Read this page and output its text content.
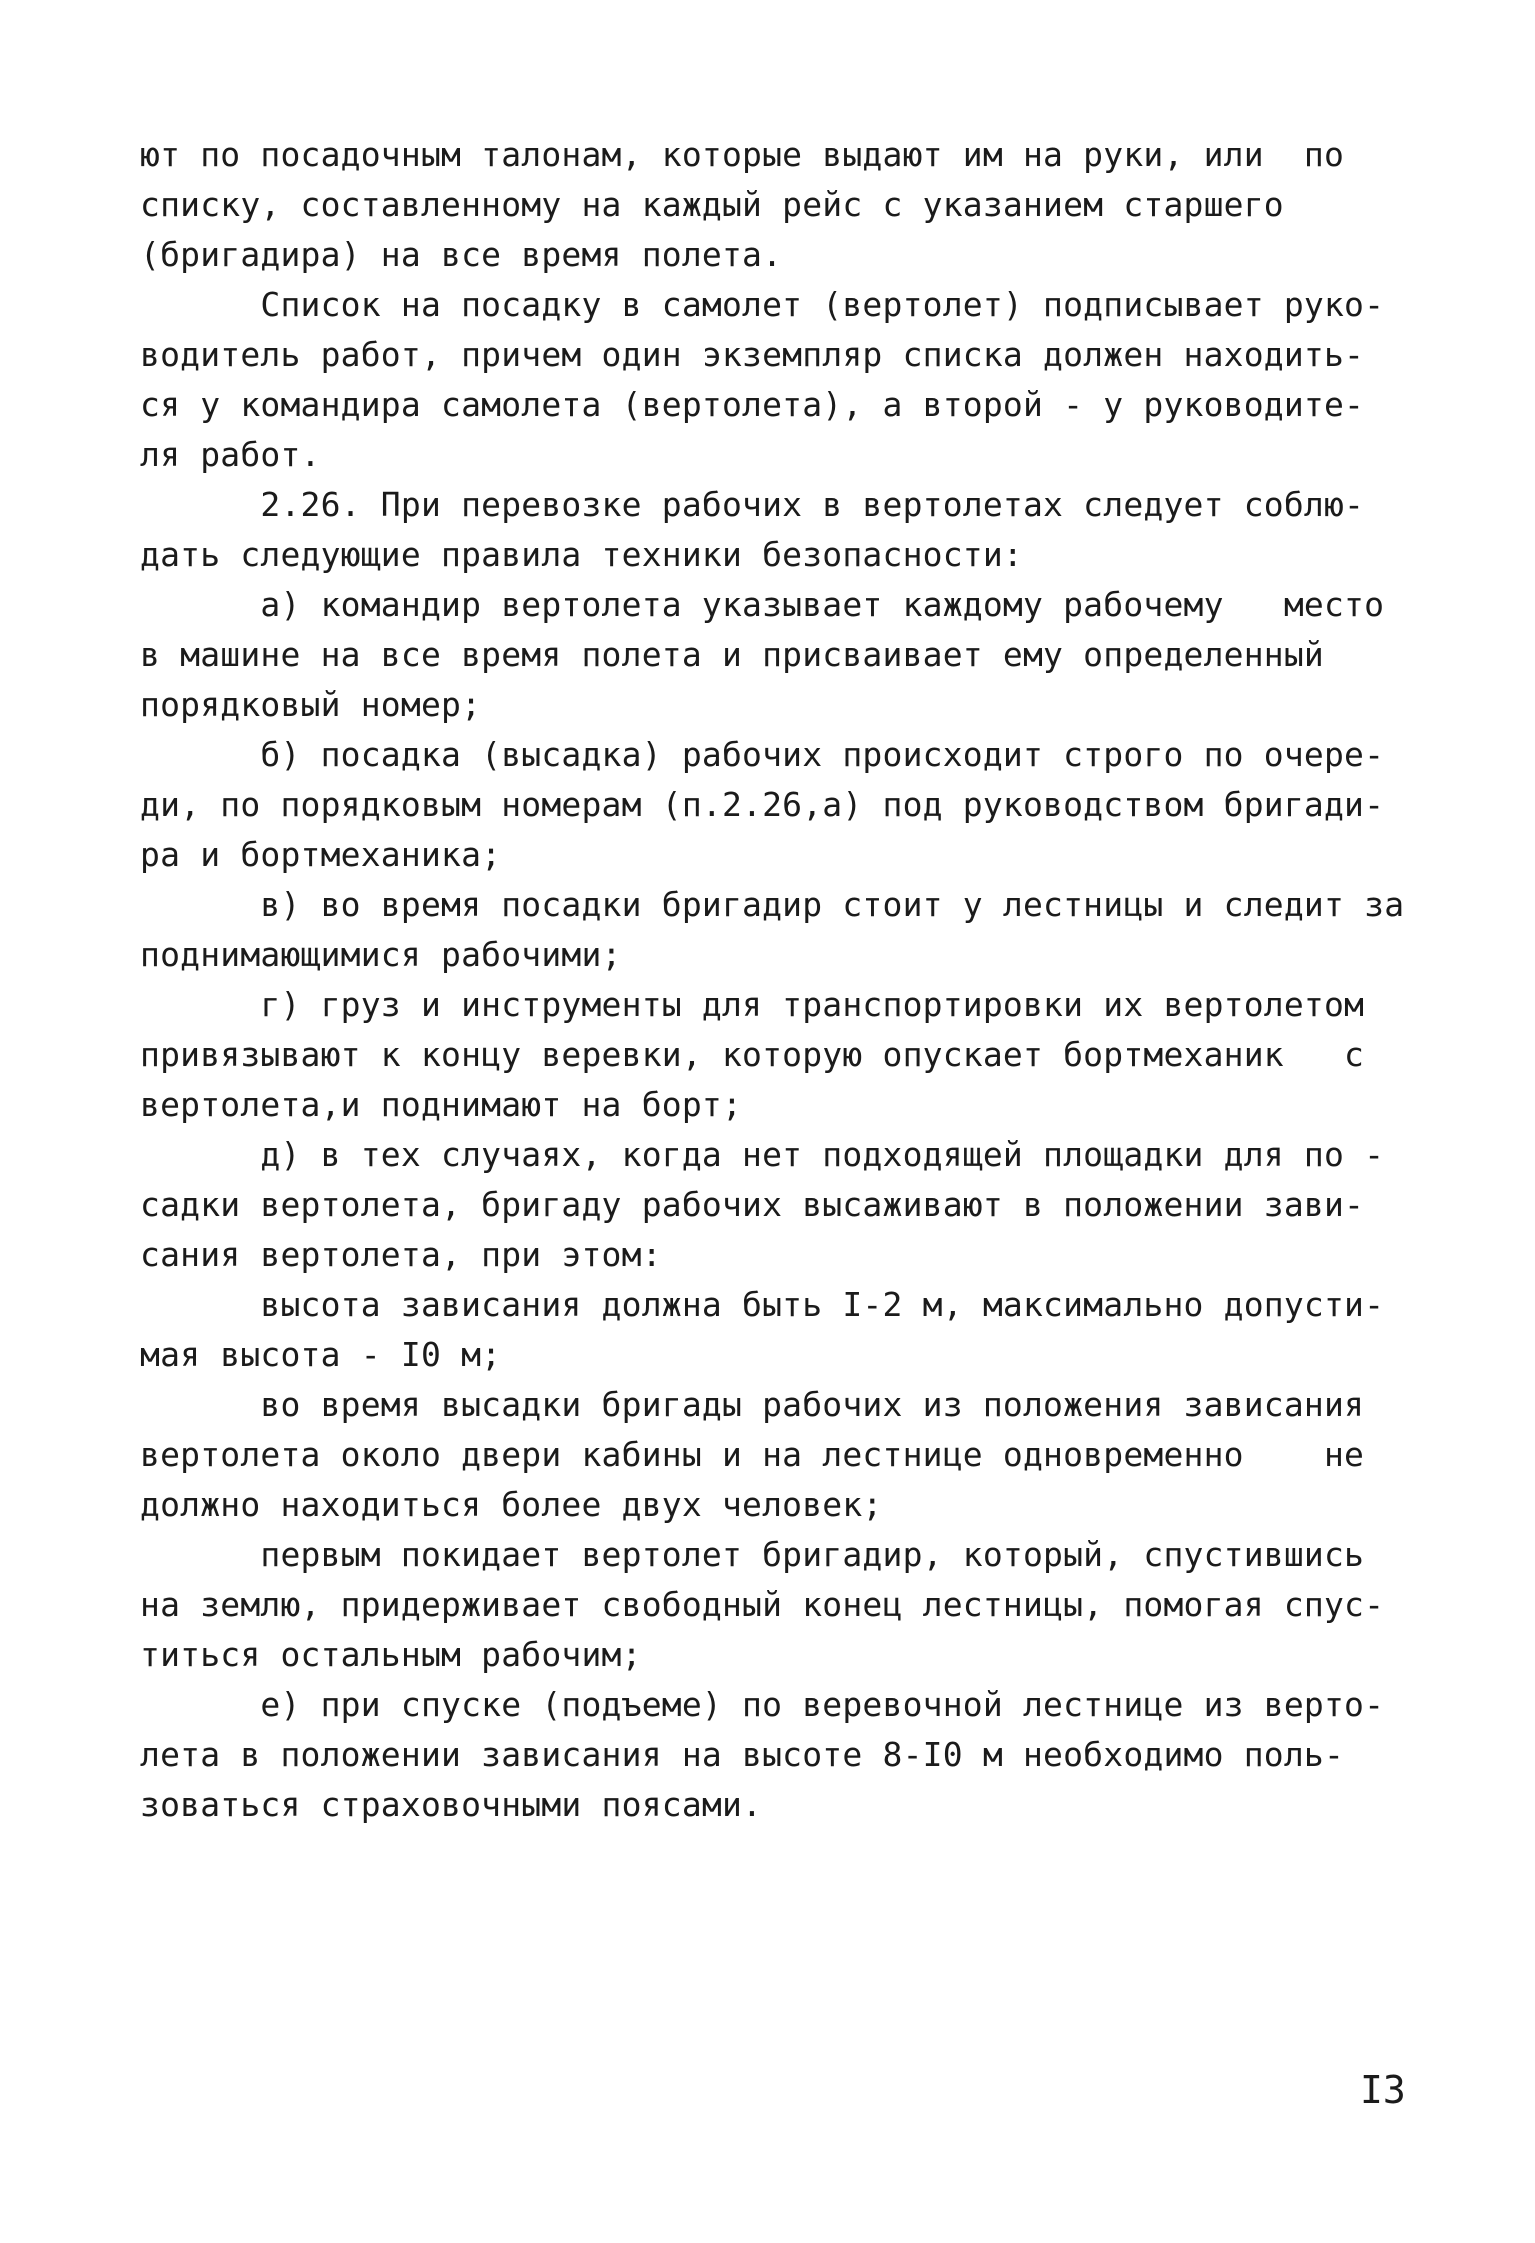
ют по посадочным талонам, которые выдают им на руки, или  по
списку, составленному на каждый рейс с указанием старшего
(бригадира) на все время полета.
Список на посадку в самолет (вертолет) подписывает руко-
водитель работ, причем один экземпляр списка должен находить-
ся у командира самолета (вертолета), а второй - у руководите-
ля работ.
2.26. При перевозке рабочих в вертолетах следует соблю-
дать следующие правила техники безопасности:
а) командир вертолета указывает каждому рабочему   место
в машине на все время полета и присваивает ему определенный
порядковый номер;
б) посадка (высадка) рабочих происходит строго по очере-
ди, по порядковым номерам (п.2.26,а) под руководством бригади-
ра и бортмеханика;
в) во время посадки бригадир стоит у лестницы и следит за
поднимающимися рабочими;
г) груз и инструменты для транспортировки их вертолетом
привязывают к концу веревки, которую опускает бортмеханик   с
вертолета,и поднимают на борт;
д) в тех случаях, когда нет подходящей площадки для по -
садки вертолета, бригаду рабочих высаживают в положении зави-
сания вертолета, при этом:
высота зависания должна быть I-2 м, максимально допусти-
мая высота - I0 м;
во время высадки бригады рабочих из положения зависания
вертолета около двери кабины и на лестнице одновременно    не
должно находиться более двух человек;
первым покидает вертолет бригадир, который, спустившись
на землю, придерживает свободный конец лестницы, помогая спус-
титься остальным рабочим;
е) при спуске (подъеме) по веревочной лестнице из верто-
лета в положении зависания на высоте 8-I0 м необходимо поль-
зоваться страховочными поясами.
I3
